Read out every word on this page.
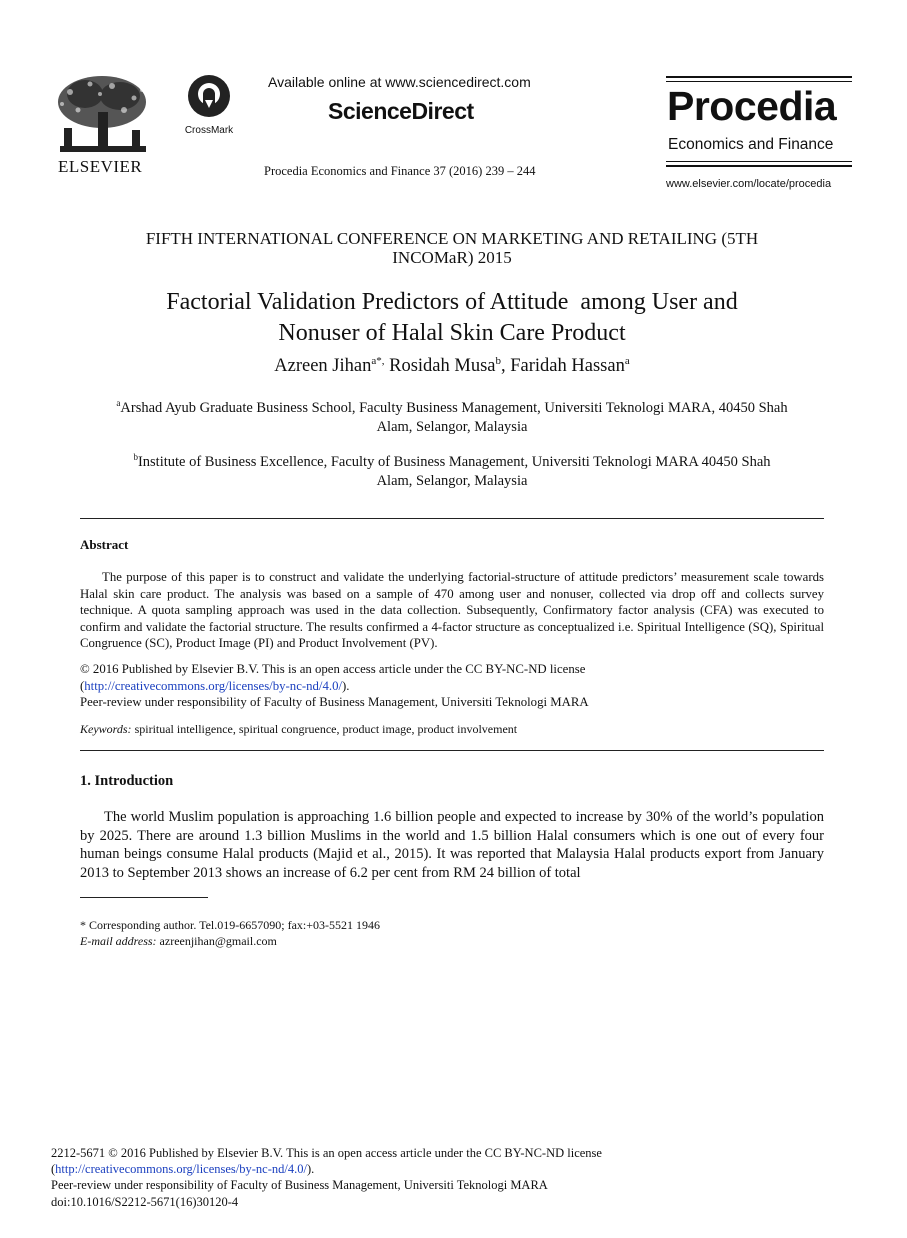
ELSEVIER
CrossMark
Available online at www.sciencedirect.com
ScienceDirect
Procedia Economics and Finance 37 (2016) 239 – 244
Procedia
Economics and Finance
www.elsevier.com/locate/procedia
FIFTH INTERNATIONAL CONFERENCE ON MARKETING AND RETAILING (5TH
INCOMaR) 2015
Factorial Validation Predictors of Attitude  among User and
Nonuser of Halal Skin Care Product
Azreen Jihan$^{a*,}$ Rosidah Musa$^b$, Faridah Hassan$^a$
$^a$Arshad Ayub Graduate Business School, Faculty Business Management, Universiti Teknologi MARA, 40450 Shah
Alam, Selangor, Malaysia
$^b$Institute of Business Excellence, Faculty of Business Management, Universiti Teknologi MARA 40450 Shah
Alam, Selangor, Malaysia
Abstract
The purpose of this paper is to construct and validate the underlying factorial-structure of attitude predictors’ measurement scale towards Halal skin care product. The analysis was based on a sample of 470 among user and nonuser, collected via drop off and collects survey technique. A quota sampling approach was used in the data collection. Subsequently, Confirmatory factor analysis (CFA) was executed to confirm and validate the factorial structure. The results confirmed a 4-factor structure as conceptualized i.e. Spiritual Intelligence (SQ), Spiritual Congruence (SC), Product Image (PI) and Product Involvement (PV).
© 2016 Published by Elsevier B.V. This is an open access article under the CC BY-NC-ND license
(http://creativecommons.org/licenses/by-nc-nd/4.0/).
Peer-review under responsibility of Faculty of Business Management, Universiti Teknologi MARA
Keywords: spiritual intelligence, spiritual congruence, product image, product involvement
1. Introduction
The world Muslim population is approaching 1.6 billion people and expected to increase by 30% of the world’s population by 2025. There are around 1.3 billion Muslims in the world and 1.5 billion Halal consumers which is one out of every four human beings consume Halal products (Majid et al., 2015). It was reported that Malaysia Halal products export from January 2013 to September 2013 shows an increase of 6.2 per cent from RM 24 billion of total
* Corresponding author. Tel.019-6657090; fax:+03-5521 1946
E-mail address: azreenjihan@gmail.com
2212-5671 © 2016 Published by Elsevier B.V. This is an open access article under the CC BY-NC-ND license
(http://creativecommons.org/licenses/by-nc-nd/4.0/).
Peer-review under responsibility of Faculty of Business Management, Universiti Teknologi MARA
doi:10.1016/S2212-5671(16)30120-4
